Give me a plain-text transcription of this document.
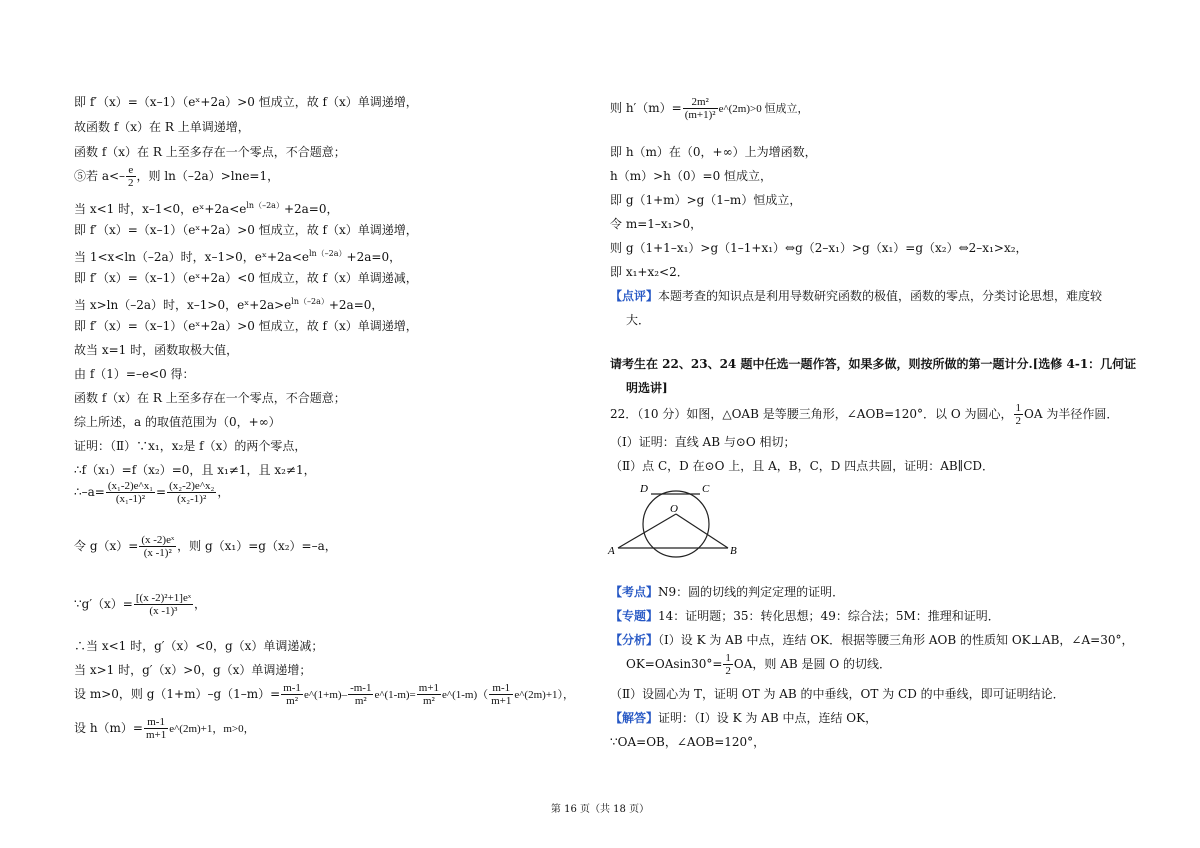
即 f′（x）=（x–1）（eˣ+2a）>0 恒成立，故 f（x）单调递增，
故函数 f（x）在 R 上单调递增，
函数 f（x）在 R 上至多存在一个零点，不合题意；
⑤若 $a<- \frac{e}{2}$ ，则 ln（–2a）>lne=1，
当 x<1 时，x–1<0，$eˣ+2a<e^{ln(-2a)}+2a=0$，
即 f′（x）=（x–1）（eˣ+2a）>0 恒成立，故 f（x）单调递增，
当 1<x<ln（–2a）时，x–1>0，$eˣ+2a<e^{ln(-2a)}+2a=0$，
即 f′（x）=（x–1）（eˣ+2a）<0 恒成立，故 f（x）单调递减，
当 x>ln（–2a）时，x–1>0，$eˣ+2a>e^{ln(-2a)}+2a=0$，
即 f′（x）=（x–1）（eˣ+2a）>0 恒成立，故 f（x）单调递增，
故当 x=1 时，函数取极大值，
由 f（1）=–e<0 得：
函数 f（x）在 R 上至多存在一个零点，不合题意；
综上所述，a 的取值范围为（0，+∞）
证明：（Ⅱ）∵x₁，x₂是 f（x）的两个零点，
∴f（x₁）=f（x₂）=0，且 x₁≠1，且 x₂≠1，
∴–a= $\frac{\text{(x₁-2)e\textasciicircum{}x₁}}{\text{(x₁-1)²}} = \frac{\text{(x₂-2)e\textasciicircum{}x₂}}{\text{(x₂-1)²}}$ ，
令 $g(x)= \frac{\text{(x -2)eˣ}}{\text{(x -1)²}}$ ，则 g（x₁）=g（x₂）=–a，
∵g′（x）= $\frac{\text{[(x -2)²+1]eˣ}}{\text{(x -1)³}}$ ，
∴当 x<1 时，g′（x）<0，g（x）单调递减；
当 x>1 时，g′（x）>0，g（x）单调递增；
设 m>0，则 $g(1+m)-g(1-m)= \frac{m-1}{\text{m²}}$ e^(1+m)– $\frac{-m-1}{\text{m²}}$ e^(1-m)= $\frac{m+1}{\text{m²}}$ e^(1-m)（ $\frac{m-1}{m+1}$ e^(2m)+1），
设 $h(m)= \frac{m-1}{m+1}$ e^(2m)+1，m>0，
则 $h'(m)= \frac{\text{2m²}}{\text{(m+1)²}}$ e^(2m)>0 恒成立，
即 h（m）在（0，+∞）上为增函数，
h（m）>h（0）=0 恒成立，
即 g（1+m）>g（1–m）恒成立，
令 m=1–x₁>0，
则 g（1+1–x₁）>g（1–1+x₁）⇔g（2–x₁）>g（x₁）=g（x₂）⇔2–x₁>x₂，
即 x₁+x₂<2．
【点评】本题考查的知识点是利用导数研究函数的极值，函数的零点，分类讨论思想，难度较
大．
请考生在 22、23、24 题中任选一题作答，如果多做，则按所做的第一题计分.[选修 4-1：几何证
明选讲]
22．（10 分）如图，△OAB 是等腰三角形，∠AOB=120°．以 O 为圆心， $\frac{1}{2}$ OA 为半径作圆．
（Ⅰ）证明：直线 AB 与⊙O 相切；
（Ⅱ）点 C，D 在⊙O 上，且 A，B，C，D 四点共圆，证明：AB∥CD．
【考点】N9：圆的切线的判定定理的证明．
【专题】14：证明题；35：转化思想；49：综合法；5M：推理和证明．
【分析】（Ⅰ）设 K 为 AB 中点，连结 OK．根据等腰三角形 AOB 的性质知 OK⊥AB，∠A=30°，
$OK=OAsin30^\circ= \frac{1}{2}$ OA，则 AB 是圆 O 的切线．
（Ⅱ）设圆心为 T，证明 OT 为 AB 的中垂线，OT 为 CD 的中垂线，即可证明结论．
【解答】证明：（Ⅰ）设 K 为 AB 中点，连结 OK，
∵OA=OB，∠AOB=120°，
D	C
O
A	B
第 16 页（共 18 页）
